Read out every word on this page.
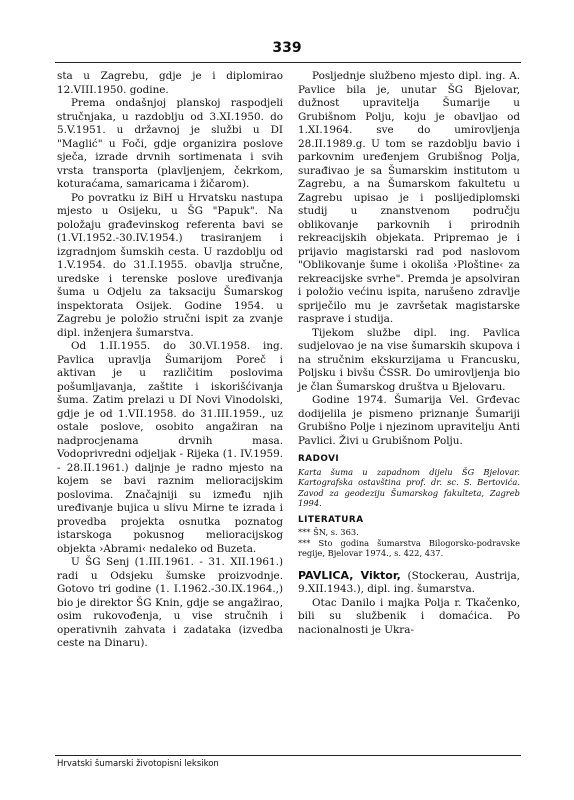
339

sta u Zagrebu, gdje je i diplomirao 12.VIII.1950. godine.

Prema ondašnjoj planskoj raspodjeli stručnjaka, u razdoblju od 3.XI.1950. do 5.V.1951. u državnoj je službi u DI "Maglić" u Foči, gdje organizira poslove sječa, izrade drvnih sortimenata i svih vrsta transporta (plavljenjem, čekrkom, koturaćama, samaricama i žičarom).

Po povratku iz BiH u Hrvatsku nastupa mjesto u Osijeku, u ŠG "Papuk". Na položaju građevinskog referenta bavi se (1.VI.1952.-30.IV.1954.) trasiranjem i izgradnjom šumskih cesta. U razdoblju od 1.V.1954. do 31.I.1955. obavlja stručne, uredske i terenske poslove uređivanja šuma u Odjelu za taksaciju Šumarskog inspektorata Osijek. Godine 1954. u Zagrebu je položio stručni ispit za zvanje dipl. inženjera šumarstva.

Od 1.II.1955. do 30.VI.1958. ing. Pavlica upravlja Šumarijom Poreč i aktivan je u različitim poslovima pošumljavanja, zaštite i iskorišćivanja šuma. Zatim prelazi u DI Novi Vinodolski, gdje je od 1.VII.1958. do 31.III.1959., uz ostale poslove, osobito angažiran na nadprocjenama drvnih masa. Vodoprivredni odjeljak - Rijeka (1. IV.1959. - 28.II.1961.) daljnje je radno mjesto na kojem se bavi raznim melioracijskim poslovima. Značajniji su između njih uređivanje bujica u slivu Mirne te izrada i provedba projekta osnutka poznatog istarskoga pokusnog melioracijskog objekta ›Abrami‹ nedaleko od Buzeta.

U ŠG Senj (1.III.1961. - 31. XII.1961.) radi u Odsjeku šumske proizvodnje. Gotovo tri godine (1. I.1962.-30.IX.1964.,) bio je direktor ŠG Knin, gdje se angažirao, osim rukovođenja, u vise stručnih i operativnih zahvata i zadataka (izvedba ceste na Dinaru).

Posljednje službeno mjesto dipl. ing. A. Pavlice bila je, unutar ŠG Bjelovar, dužnost upravitelja Šumarije u Grubišnom Polju, koju je obavljao od 1.XI.1964. sve do umirovljenja 28.II.1989.g. U tom se razdoblju bavio i parkovnim uređenjem Grubišnog Polja, surađivao je sa Šumarskim institutom u Zagrebu, a na Šumarskom fakultetu u Zagrebu upisao je i poslijediplomski studij u znanstvenom području oblikovanje parkovnih i prirodnih rekreacijskih objekata. Pripremao je i prijavio magistarski rad pod naslovom "Oblikovanje šume i okoliša ›Ploštine‹ za rekreacijske svrhe". Premda je apsolviran i položio većinu ispita, narušeno zdravlje spriječilo mu je završetak magistarske rasprave i studija.

Tijekom službe dipl. ing. Pavlica sudjelovao je na vise šumarskih skupova i na stručnim ekskurzijama u Francusku, Poljsku i bivšu ČSSR. Do umirovljenja bio je član Šumarskog društva u Bjelovaru.

Godine 1974. Šumarija Vel. Grđevac dodijelila je pismeno priznanje Šumariji Grubišno Polje i njezinom upravitelju Anti Pavlici. Živi u Grubišnom Polju.

RADOVI
Karta šuma u zapadnom dijelu ŠG Bjelovar. Kartografska ostavština prof. dr. sc. S. Bertovića. Zavod za geodeziju Šumarskog fakulteta, Zagreb 1994.
LITERATURA
*** ŠN, s. 363.
*** Sto godina šumarstva Bilogorsko-podravske regije, Bjelovar 1974., s. 422, 437.

PAVLICA, Viktor, (Stockerau, Austrija, 9.XII.1943.), dipl. ing. šumarstva.

Otac Danilo i majka Polja r. Tkačenko, bili su službenik i domaćica. Po nacionalnosti je Ukra-

Hrvatski šumarski životopisni leksikon
